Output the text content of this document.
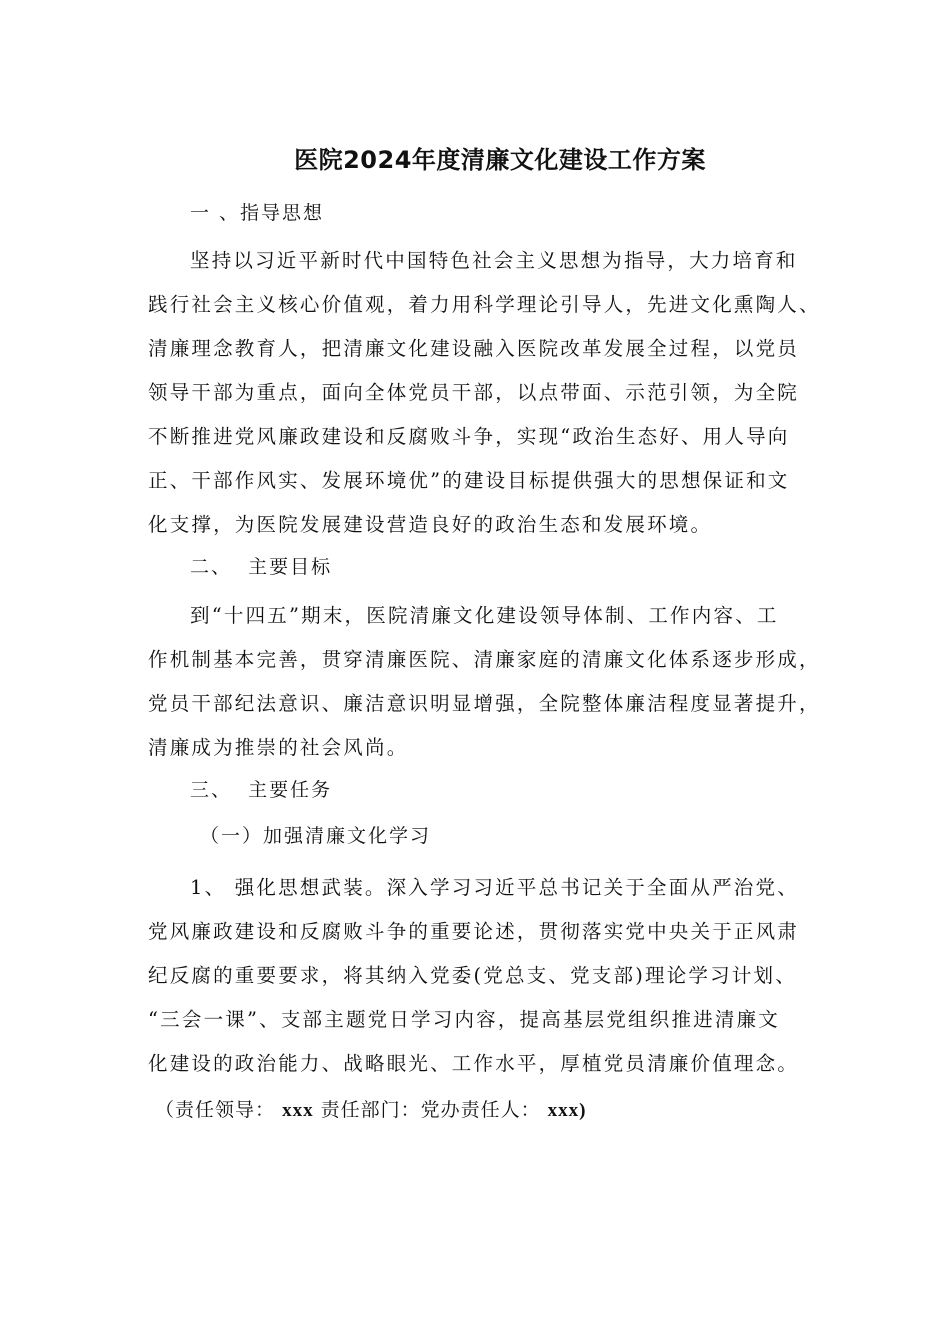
医院2024年度清廉文化建设工作方案
一 、指导思想
坚持以习近平新时代中国特色社会主义思想为指导，大力培育和
践行社会主义核心价值观，着力用科学理论引导人，先进文化熏陶人、
清廉理念教育人，把清廉文化建设融入医院改革发展全过程，以党员
领导干部为重点，面向全体党员干部，以点带面、示范引领，为全院
不断推进党风廉政建设和反腐败斗争，实现“政治生态好、用人导向
正、干部作风实、发展环境优”的建设目标提供强大的思想保证和文
化支撑，为医院发展建设营造良好的政治生态和发展环境。
二、  主要目标
到“十四五”期末，医院清廉文化建设领导体制、工作内容、工
作机制基本完善，贯穿清廉医院、清廉家庭的清廉文化体系逐步形成，
党员干部纪法意识、廉洁意识明显增强，全院整体廉洁程度显著提升，
清廉成为推崇的社会风尚。
三、  主要任务
（一）加强清廉文化学习
1、 强化思想武装。深入学习习近平总书记关于全面从严治党、
党风廉政建设和反腐败斗争的重要论述，贯彻落实党中央关于正风肃
纪反腐的重要要求，将其纳入党委(党总支、党支部)理论学习计划、
“三会一课”、支部主题党日学习内容，提高基层党组织推进清廉文
化建设的政治能力、战略眼光、工作水平，厚植党员清廉价值理念。
（责任领导： xxx 责任部门：党办责任人： xxx)
